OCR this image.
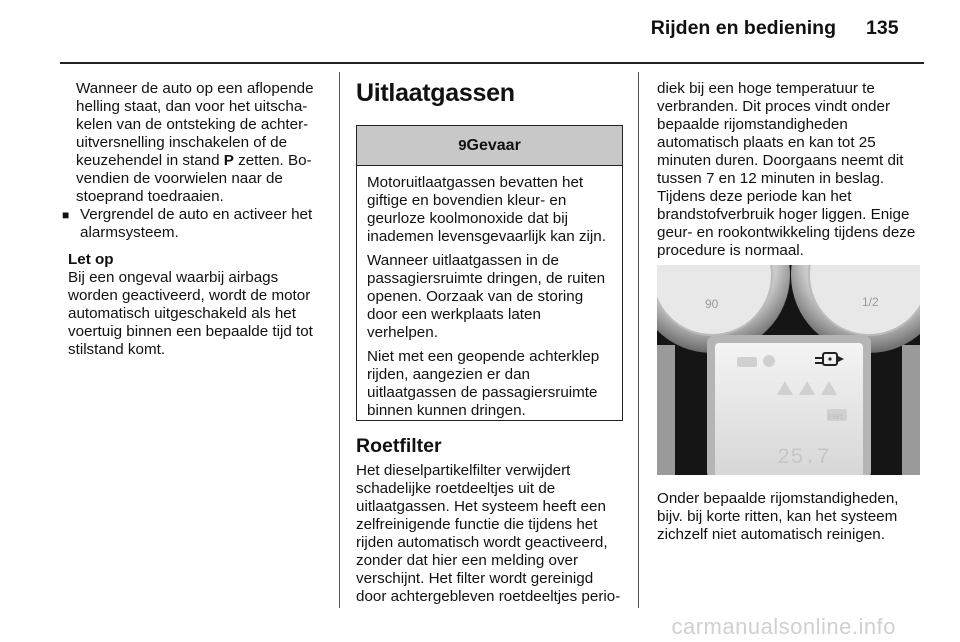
Rijden en bediening 135

Wanneer de auto op een aflopende helling staat, dan voor het uitscha-kelen van de ontsteking de achter-uitversnelling inschakelen of de keuzehendel in stand P zetten. Bo-vendien de voorwielen naar de stoeprand toedraaien.

■ Vergrendel de auto en activeer het alarmsysteem.
Let op
Bij een ongeval waarbij airbags worden geactiveerd, wordt de motor automatisch uitgeschakeld als het voertuig binnen een bepaalde tijd tot stilstand komt.
Uitlaatgassen
9 Gevaar

Motoruitlaatgassen bevatten het giftige en bovendien kleur- en geurloze koolmonoxide dat bij inademen levensgevaarlijk kan zijn.

Wanneer uitlaatgassen in de passagiersruimte dringen, de ruiten openen. Oorzaak van de storing door een werkplaats laten verhelpen.

Niet met een geopende achterklep rijden, aangezien er dan uitlaatgassen de passagiersruimte binnen kunnen dringen.

Roetfilter

Het dieselpartikelfilter verwijdert schadelijke roetdeeltjes uit de uitlaatgassen. Het systeem heeft een zelfreinigende functie die tijdens het rijden automatisch wordt geactiveerd, zonder dat hier een melding over verschijnt. Het filter wordt gereinigd door achtergebleven roetdeeltjes perio-

diek bij een hoge temperatuur te verbranden. Dit proces vindt onder bepaalde rijomstandigheden automatisch plaats en kan tot 25 minuten duren. Doorgaans neemt dit tussen 7 en 12 minuten in beslag. Tijdens deze periode kan het brandstofverbruik hoger liggen. Enige geur- en rookontwikkeling tijdens deze procedure is normaal.

90	1/2
3301
25.7

Onder bepaalde rijomstandigheden, bijv. bij korte ritten, kan het systeem zichzelf niet automatisch reinigen.

carmanualsonline.info
